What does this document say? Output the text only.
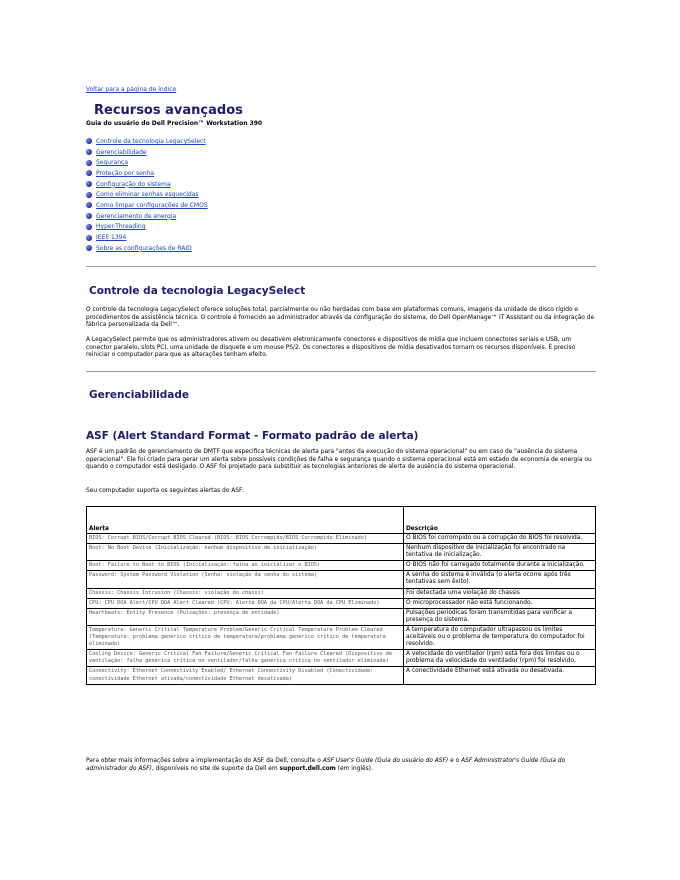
Voltar para a página de índice
Recursos avançados
Guia do usuário do Dell Precision™ Workstation 390
Controle da tecnologia LegacySelect
Gerenciabilidade
Segurança
Proteção por senha
Configuração do sistema
Como eliminar senhas esquecidas
Como limpar configurações de CMOS
Gerenciamento de energia
Hyper-Threading
IEEE 1394
Sobre as configurações de RAID
Controle da tecnologia LegacySelect

O controle da tecnologia LegacySelect oferece soluções total, parcialmente ou não herdadas com base em plataformas comuns, imagens da unidade de disco rígido e procedimentos de assistência técnica. O controle é fornecido ao administrador através da configuração do sistema, do Dell OpenManage™ IT Assistant ou da integração de fábrica personalizada da Dell™.

A LegacySelect permite que os administradores ativem ou desativem eletronicamente conectores e dispositivos de mídia que incluem conectores seriais e USB, um conector paralelo, slots PCI, uma unidade de disquete e um mouse PS/2. Os conectores e dispositivos de mídia desativados tornam os recursos disponíveis. É preciso reiniciar o computador para que as alterações tenham efeito.

Gerenciabilidade
ASF (Alert Standard Format - Formato padrão de alerta)

ASF é um padrão de gerenciamento de DMTF que especifica técnicas de alerta para "antes da execução do sistema operacional" ou em caso de "ausência do sistema operacional". Ele foi criado para gerar um alerta sobre possíveis condições de falha e segurança quando o sistema operacional está em estado de economia de energia ou quando o computador está desligado. O ASF foi projetado para substituir as tecnologias anteriores de alerta de ausência do sistema operacional.

Seu computador suporta os seguintes alertas do ASF:

Alerta	Descrição
BIOS: Corrupt BIOS/Corrupt BIOS Cleared (BIOS: BIOS Corrompido/BIOS Corrompido Eliminado)	O BIOS foi corrompido ou a corrupção do BIOS foi resolvida.
Boot: No Boot Device (Inicialização: nenhum dispositivo de inicialização)	Nenhum dispositivo de inicialização foi encontrado na tentativa de inicialização.
Boot: Failure to Boot to BIOS (Inicialização: falha ao inicializar o BIOS)	O BIOS não foi carregado totalmente durante a inicialização.
Password: System Password Violation (Senha: violação da senha do sistema)	A senha do sistema é inválida (o alerta ocorre após três tentativas sem êxito).
Chassis: Chassis Intrusion (Chassis: violação do chassi)	Foi detectada uma violação do chassis
CPU: CPU DOA Alert/CPU DOA Alert Cleared (CPU: Alerta DOA da CPU/Alerta DOA da CPU Eliminado)	O microprocessador não está funcionando.
Heartbeats: Entity Presence (Pulsações: presença de entidade)	Pulsações periódicas foram transmitidas para verificar a presença do sistema.
Temperatura: Generic Critical Temperature Problem/Generic Critical Temperature Problem Cleared (Temperatura: problema genérico crítico de temperatura/problema genérico crítico de temperatura eliminado)	A temperatura do computador ultrapassou os limites aceitáveis ou o problema de temperatura do computador foi resolvido.
Cooling Device: Generic Critical Fan Failure/Generic Critical Fan Failure Cleared (Dispositivo de ventilação: falha genérica crítica no ventilador/falha genérica crítica no ventilador eliminada)	A velocidade do ventilador (rpm) está fora dos limites ou o problema da velocidade do ventilador (rpm) foi resolvido.
Connectivity: Ethernet Connectivity Enabled/ Ethernet Connectivity Disabled (Conectividade: conectividade Ethernet ativada/conectividade Ethernet desativada)	A conectividade Ethernet está ativada ou desativada.

Para obter mais informações sobre a implementação do ASF da Dell, consulte o ASF User's Guide (Guia do usuário do ASF) e o ASF Administrator's Guide (Guia do administrador do ASF), disponíveis no site de suporte da Dell em support.dell.com (em inglês).
